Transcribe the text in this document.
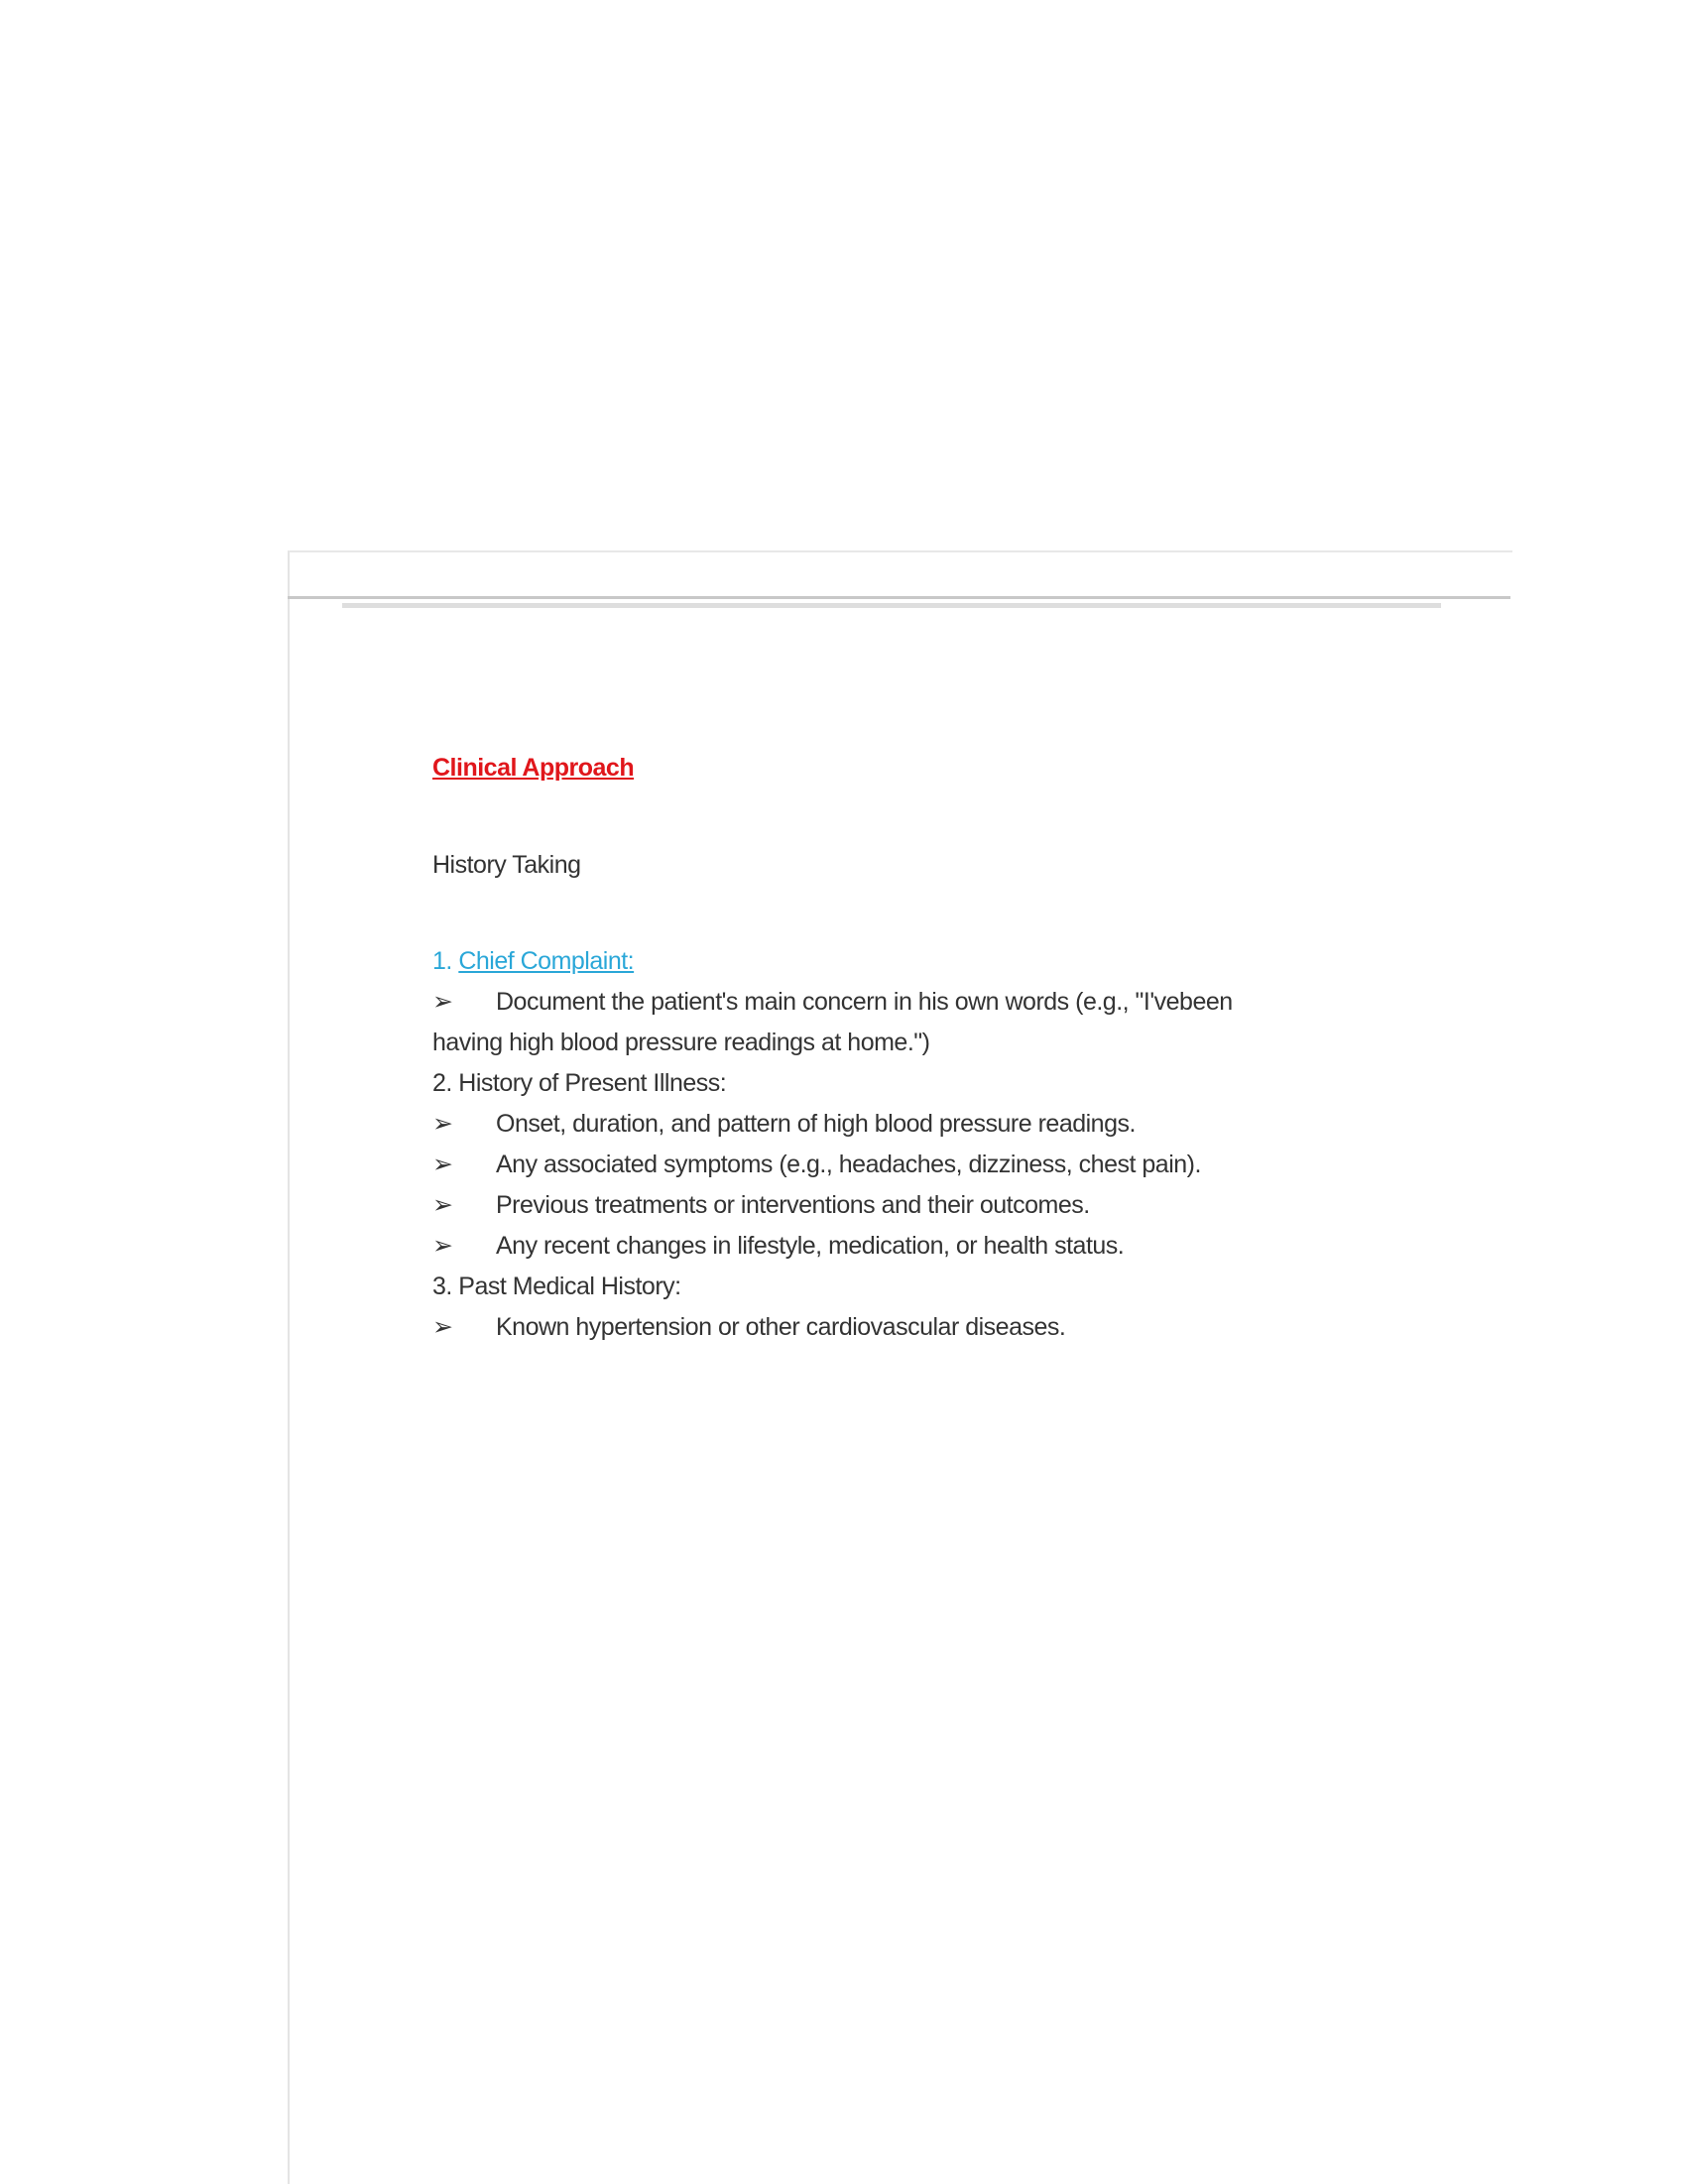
Clinical Approach
History Taking
1. Chief Complaint:
➢ Document the patient's main concern in his own words (e.g., "I'vebeen
having high blood pressure readings at home.")
2. History of Present Illness:
➢ Onset, duration, and pattern of high blood pressure readings.
➢ Any associated symptoms (e.g., headaches, dizziness, chest pain).
➢ Previous treatments or interventions and their outcomes.
➢ Any recent changes in lifestyle, medication, or health status.
3. Past Medical History:
➢ Known hypertension or other cardiovascular diseases.
